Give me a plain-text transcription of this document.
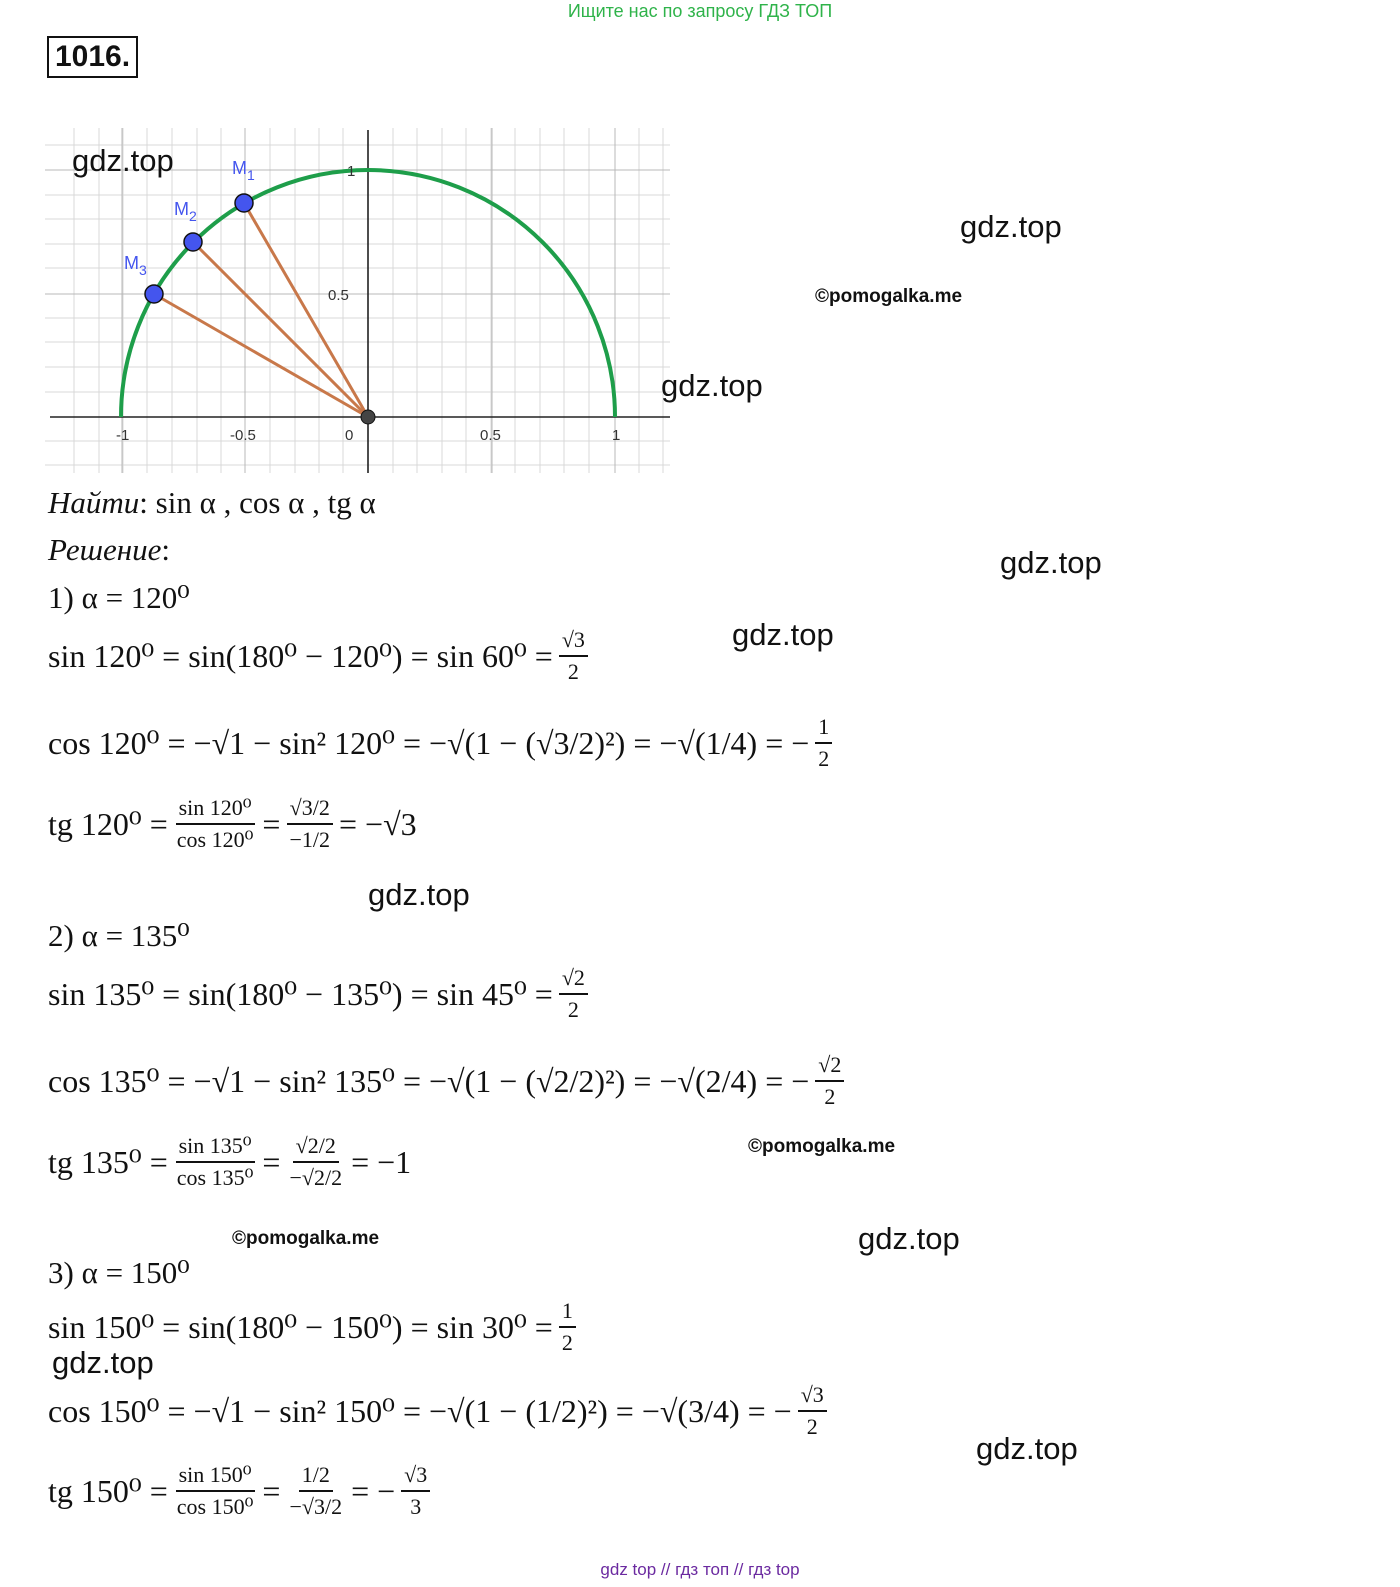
Ищите нас по запросу ГДЗ ТОП
1016.
$M_1$
$M_2$
$M_3$
-1	-0.5	0	0.5	1
0.5
1
gdz.top
gdz.top
©pomogalka.me
gdz.top
gdz.top
gdz.top
gdz.top
©pomogalka.me
©pomogalka.me	gdz.top
gdz.top
gdz.top
Найти: sin α , cos α , tg α
Решение:
1) α = 120⁰
$\sin 120^0 = \sin(180^0 - 120^0) = \sin 60^0 = \frac{√3}{2}$
cos 120⁰ = −√1 − sin² 120⁰ = −√(1 − (√3/2)²) = −√(1/4) = − $\frac{1}{2}$
tg $120^0 = \frac{\text{sin 120⁰}}{\text{cos 120⁰}} = \frac{√3/2}{-1/2} = -√3$
2) α = 135⁰
$\sin 135^0 = \sin(180^0 - 135^0) = \sin 45^0 = \frac{√2}{2}$
cos 135⁰ = −√1 − sin² 135⁰ = −√(1 − (√2/2)²) = −√(2/4) = − $\frac{√2}{2}$
tg $135^0 = \frac{\text{sin 135⁰}}{\text{cos 135⁰}} = \frac{√2/2}{-√2/2} = -1$
3) α = 150⁰
$\sin 150^0 = \sin(180^0 - 150^0) = \sin 30^0 = \frac{1}{2}$
cos 150⁰ = −√1 − sin² 150⁰ = −√(1 − (1/2)²) = −√(3/4) = − $\frac{√3}{2}$
tg $150^0 = \frac{\text{sin 150⁰}}{\text{cos 150⁰}} = \frac{1/2}{-√3/2}$ = − $\frac{√3}{3}$
gdz top // гдз топ // гдз top
